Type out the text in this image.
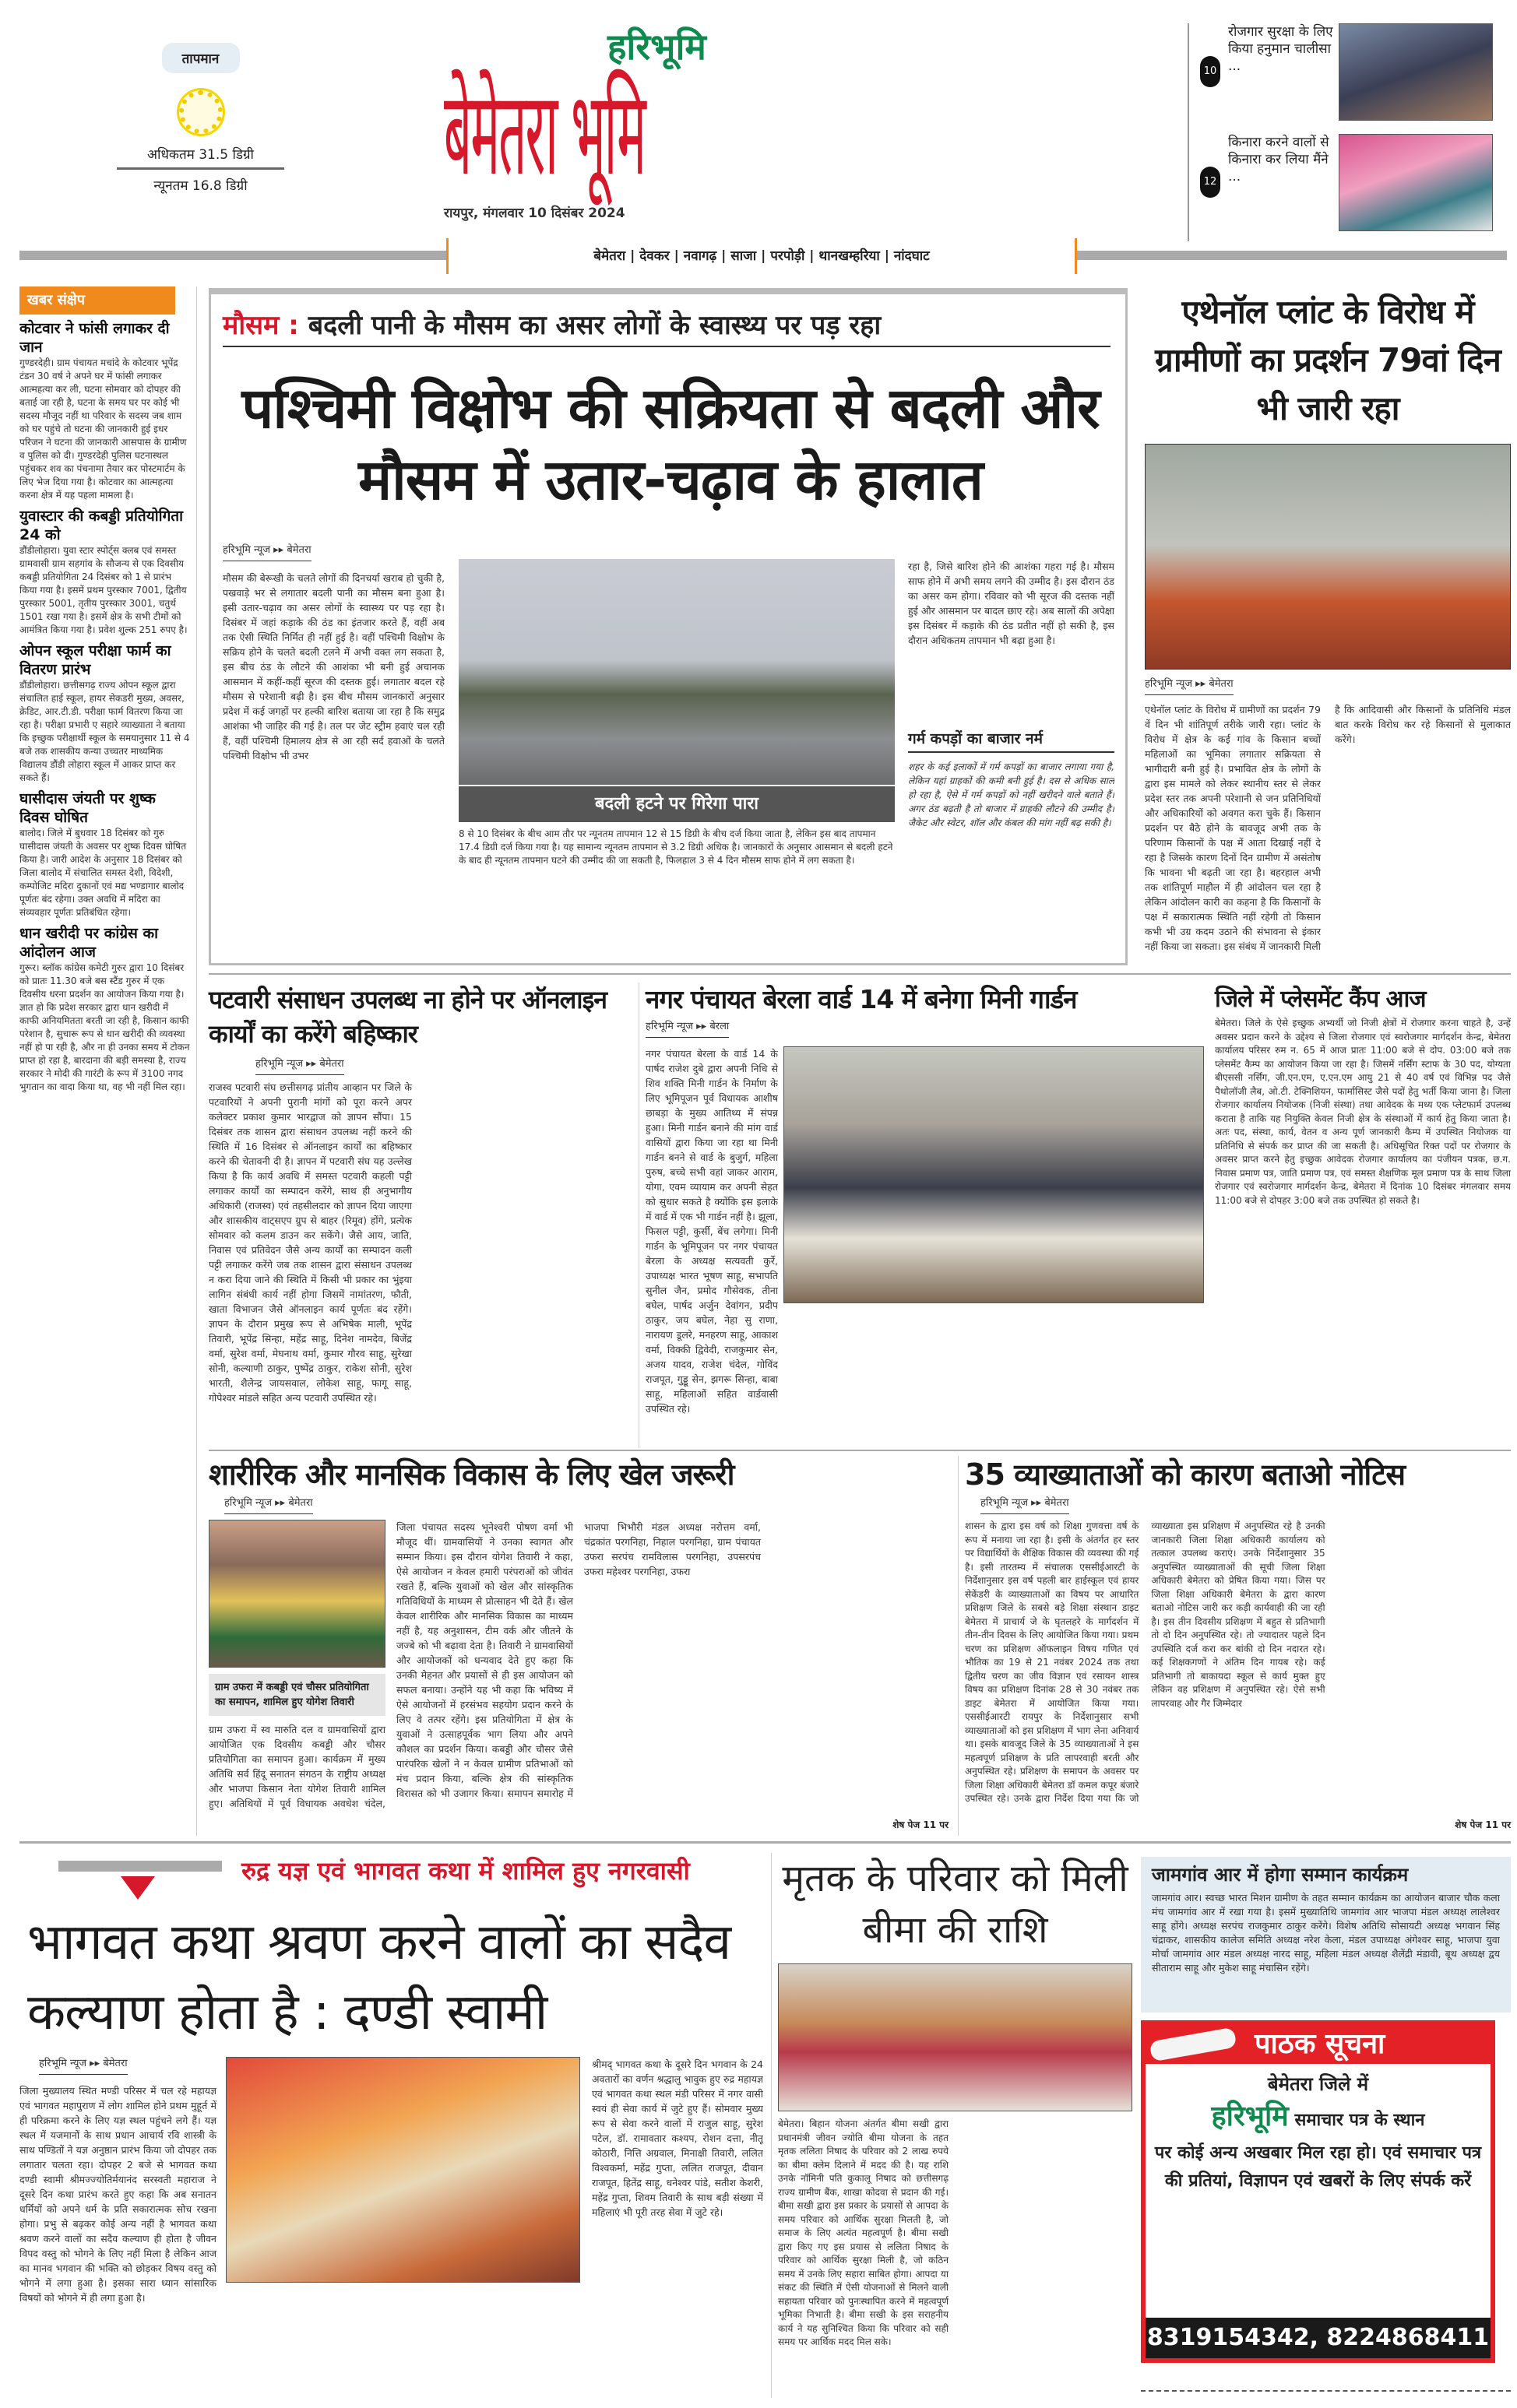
तापमान
अधिकतम 31.5 डिग्री
न्यूनतम 16.8 डिग्री
हरिभूमि
बेमेतरा भूमि
रायपुर, मंगलवार 10 दिसंबर 2024
10
रोजगार सुरक्षा के लिए किया हनुमान चालीसा ...
12
किनारा करने वालों से किनारा कर लिया मैंने ...
बेमेतरा | देवकर | नवागढ़ | साजा | परपोड़ी | थानखम्हरिया | नांदघाट
खबर संक्षेप
कोटवार ने फांसी लगाकर दी जान
गुण्डरदेही। ग्राम पंचायत मचांदे के कोटवार भूपेंद्र टंडन 30 वर्ष ने अपने घर में फांसी लगाकर आत्महत्या कर ली, घटना सोमवार को दोपहर की बताई जा रही है, घटना के समय घर पर कोई भी सदस्य मौजूद नहीं था परिवार के सदस्य जब शाम को घर पहुंचे तो घटना की जानकारी हुई इधर परिजन ने घटना की जानकारी आसपास के ग्रामीण व पुलिस को दी। गुण्डरदेही पुलिस घटनास्थल पहुंचकर शव का पंचनामा तैयार कर पोस्टमार्टम के लिए भेज दिया गया है। कोटवार का आत्महत्या करना क्षेत्र में यह पहला मामला है।
युवास्टार की कबड्डी प्रतियोगिता 24 को
डौंडीलोहारा। युवा स्टार स्पोर्ट्स क्लब एवं समस्त ग्रामवासी ग्राम सहगांव के सौजन्य से एक दिवसीय कबड्डी प्रतियोगिता 24 दिसंबर को 1 से प्रारंभ किया गया है। इसमें प्रथम पुरस्कार 7001, द्वितीय पुरस्कार 5001, तृतीय पुरस्कार 3001, चतुर्थ 1501 रखा गया है। इसमें क्षेत्र के सभी टीमों को आमंत्रित किया गया है। प्रवेश शुल्क 251 रुपए है।
ओपन स्कूल परीक्षा फार्म का वितरण प्रारंभ
डौंडीलोहारा। छत्तीसगढ़ राज्य ओपन स्कूल द्वारा संचालित हाई स्कूल, हायर सेकडरी मुख्य, अवसर, क्रेडिट, आर.टी.डी. परीक्षा फार्म वितरण किया जा रहा है। परीक्षा प्रभारी ए सहारे व्याख्याता ने बताया कि इच्छुक परीक्षार्थी स्कूल के समयानुसार 11 से 4 बजे तक शासकीय कन्या उच्चतर माध्यमिक विद्यालय डौंडी लोहारा स्कूल में आकर प्राप्त कर सकते हैं।
घासीदास जंयती पर शुष्क दिवस घोषित
बालोद। जिले में बुधवार 18 दिसंबर को गुरु घासीदास जंयती के अवसर पर शुष्क दिवस घोषित किया है। जारी आदेश के अनुसार 18 दिसंबर को जिला बालोद में संचालित समस्त देशी, विदेशी, कम्पोजिट मदिरा दुकानों एवं मद्य भण्डागार बालोद पूर्णतः बंद रहेगा। उक्त अवधि में मदिरा का संव्यवहार पूर्णतः प्रतिबंधित रहेगा।
धान खरीदी पर कांग्रेस का आंदोलन आज
गुरूर। ब्लॉक कांग्रेस कमेटी गुरुर द्वारा 10 दिसंबर को प्रातः 11.30 बजे बस स्टैंड गुरुर में एक दिवसीय धरना प्रदर्शन का आयोजन किया गया है। ज्ञात हो कि प्रदेश सरकार द्वारा धान खरीदी में काफी अनियमितता बरती जा रही है, किसान काफी परेशान है, सुचारू रूप से धान खरीदी की व्यवस्था नहीं हो पा रही है, और ना ही उनका समय में टोकन प्राप्त हो रहा है, बारदाना की बड़ी समस्या है, राज्य सरकार ने मोदी की गारंटी के रूप में 3100 नगद भुगतान का वादा किया था, वह भी नहीं मिल रहा।
मौसम : बदली पानी के मौसम का असर लोगों के स्वास्थ्य पर पड़ रहा
पश्चिमी विक्षोभ की सक्रियता से बदली और मौसम में उतार-चढ़ाव के हालात
हरिभूमि न्यूज ▸▸ बेमेतरा
मौसम की बेरूखी के चलते लोगों की दिनचर्या खराब हो चुकी है, पखवाड़े भर से लगातार बदली पानी का मौसम बना हुआ है। इसी उतार-चढ़ाव का असर लोगों के स्वास्थ्य पर पड़ रहा है। दिसंबर में जहां कड़ाके की ठंड का इंतजार करते हैं, वहीं अब तक ऐसी स्थिति निर्मित ही नहीं हुई है। वहीं पश्चिमी विक्षोभ के सक्रिय होने के चलते बदली टलने में अभी वक्त लग सकता है, इस बीच ठंड के लौटने की आशंका भी बनी हुई अचानक आसमान में कहीं-कहीं सूरज की दस्तक हुई। लगातार बदल रहे मौसम से परेशानी बढ़ी है। इस बीच मौसम जानकारों अनुसार प्रदेश में कई जगहों पर हल्की बारिश बताया जा रहा है कि समुद्र आशंका भी जाहिर की गई है। तल पर जेट स्ट्रीम हवाएं चल रही हैं, वहीं पश्चिमी हिमालय क्षेत्र से आ रही सर्द हवाओं के चलते पश्चिमी विक्षोभ भी उभर
बदली हटने पर गिरेगा पारा
8 से 10 दिसंबर के बीच आम तौर पर न्यूनतम तापमान 12 से 15 डिग्री के बीच दर्ज किया जाता है, लेकिन इस बाद तापमान 17.4 डिग्री दर्ज किया गया है। यह सामान्य न्यूनतम तापमान से 3.2 डिग्री अधिक है। जानकारों के अनुसार आसमान से बदली हटने के बाद ही न्यूनतम तापमान घटने की उम्मीद की जा सकती है, फिलहाल 3 से 4 दिन मौसम साफ होने में लग सकता है।
रहा है, जिसे बारिश होने की आशंका गहरा गई है। मौसम साफ होने में अभी समय लगने की उम्मीद है। इस दौरान ठंड का असर कम होगा। रविवार को भी सूरज की दस्तक नहीं हुई और आसमान पर बादल छाए रहे। अब सालों की अपेक्षा इस दिसंबर में कड़ाके की ठंड प्रतीत नहीं हो सकी है, इस दौरान अधिकतम तापमान भी बढ़ा हुआ है।
गर्म कपड़ों का बाजार नर्म
शहर के कई इलाकों में गर्म कपड़ों का बाजार लगाया गया है, लेकिन यहां ग्राहकों की कमी बनी हुई है। दस से अधिक साल हो रहा है, ऐसे में गर्म कपड़ों को नहीं खरीदने वाले बताते हैं। अगर ठंड बढ़ती है तो बाजार में ग्राहकी लौटने की उम्मीद है। जैकेट और स्वेटर, शॉल और कंबल की मांग नहीं बढ़ सकी है।
एथेनॉल प्लांट के विरोध में ग्रामीणों का प्रदर्शन 79वां दिन भी जारी रहा
हरिभूमि न्यूज ▸▸ बेमेतरा
एथेनॉल प्लांट के विरोध में ग्रामीणों का प्रदर्शन 79 वें दिन भी शांतिपूर्ण तरीके जारी रहा। प्लांट के विरोध में क्षेत्र के कई गांव के किसान बच्चों महिलाओं का भूमिका लगातार सक्रियता से भागीदारी बनी हुई है। प्रभावित क्षेत्र के लोगों के द्वारा इस मामले को लेकर स्थानीय स्तर से लेकर प्रदेश स्तर तक अपनी परेशानी से जन प्रतिनिधियों और अधिकारियों को अवगत करा चुके हैं। किसान प्रदर्शन पर बैठे होने के बावजूद अभी तक के परिणाम किसानों के पक्ष में आता दिखाई नहीं दे रहा है जिसके कारण दिनों दिन ग्रामीण में असंतोष कि भावना भी बढ़ती जा रहा है। बहरहाल अभी तक शांतिपूर्ण माहौल में ही आंदोलन चल रहा है लेकिन आंदोलन कारी का कहना है कि किसानों के पक्ष में सकारात्मक स्थिति नहीं रहेगी तो किसान कभी भी उग्र कदम उठाने की संभावना से इंकार नहीं किया जा सकता। इस संबंध में जानकारी मिली है कि आदिवासी और किसानों के प्रतिनिधि मंडल बात करके विरोध कर रहे किसानों से मुलाकात करेंगे।
पटवारी संसाधन उपलब्ध ना होने पर ऑनलाइन कार्यों का करेंगे बहिष्कार
हरिभूमि न्यूज ▸▸ बेमेतरा
राजस्व पटवारी संघ छत्तीसगढ़ प्रांतीय आव्हान पर जिले के पटवारियों ने अपनी पुरानी मांगों को पूरा करने अपर कलेक्टर प्रकाश कुमार भारद्वाज को ज्ञापन सौंपा। 15 दिसंबर तक शासन द्वारा संसाधन उपलब्ध नहीं करने की स्थिति में 16 दिसंबर से ऑनलाइन कार्यों का बहिष्कार करने की चेतावनी दी है। ज्ञापन में पटवारी संघ यह उल्लेख किया है कि कार्य अवधि में समस्त पटवारी कहली पट्टी लगाकर कार्यों का सम्पादन करेंगे, साथ ही अनुभागीय अधिकारी (राजस्व) एवं तहसीलदार को ज्ञापन दिया जाएगा और शासकीय वाट्सएप ग्रुप से बाहर (रिमूव) होंगे, प्रत्येक सोमवार को कलम डाउन कर सकेंगे। जैसे आय, जाति, निवास एवं प्रतिवेदन जैसे अन्य कार्यों का सम्पादन कली पट्टी लगाकर करेंगे जब तक शासन द्वारा संसाधन उपलब्ध न करा दिया जाने की स्थिति में किसी भी प्रकार का भुंइया लागिन संबंधी कार्य नहीं होगा जिसमें नामांतरण, फौती, खाता विभाजन जैसे ऑनलाइन कार्य पूर्णतः बंद रहेंगे। ज्ञापन के दौरान प्रमुख रूप से अभिषेक माली, भूपेंद्र तिवारी, भूपेंद्र सिन्हा, महेंद्र साहू, दिनेश नामदेव, बिजेंद्र वर्मा, सुरेश वर्मा, मेघनाथ वर्मा, कुमार गौरव साहू, सुरेखा सोनी, कल्याणी ठाकुर, पुष्पेंद्र ठाकुर, राकेश सोनी, सुरेश भारती, शैलेन्द्र जायसवाल, लोकेश साहू, फागू साहू, गोपेश्वर मांडले सहित अन्य पटवारी उपस्थित रहे।
नगर पंचायत बेरला वार्ड 14 में बनेगा मिनी गार्डन
हरिभूमि न्यूज ▸▸ बेरला
नगर पंचायत बेरला के वार्ड 14 के पार्षद राजेश दुबे द्वारा अपनी निधि से शिव शक्ति मिनी गार्डन के निर्माण के लिए भूमिपूजन पूर्व विधायक आशीष छाबड़ा के मुख्य आतिथ्य में संपन्न हुआ। मिनी गार्डन बनाने की मांग वार्ड वासियों द्वारा किया जा रहा था मिनी गार्डन बनने से वार्ड के बुजुर्ग, महिला पुरुष, बच्चे सभी वहां जाकर आराम, योगा, एवम व्यायाम कर अपनी सेहत को सुधार सकते है क्योंकि इस इलाके में वार्ड में एक भी गार्डन नहीं है। झूला, फिसल पट्टी, कुर्सी, बेंच लगेगा। मिनी गार्डन के भूमिपूजन पर नगर पंचायत बेरला के अध्यक्ष सत्यवती कुर्रे, उपाध्यक्ष भारत भूषण साहू, सभापति सुनील जैन, प्रमोद गौसेवक, तीना बघेल, पार्षद अर्जुन देवांगन, प्रदीप ठाकुर, जय बघेल, नेहा सु राणा, नारायण डूलरे, मनहरण साहू, आकाश वर्मा, विक्की द्विवेदी, राजकुमार सेन, अजय यादव, राजेश चंदेल, गोविंद राजपूत, गुड्डू सेन, झगरू सिन्हा, बाबा साहू, महिलाओं सहित वार्डवासी उपस्थित रहे।
जिले में प्लेसमेंट कैंप आज
बेमेतरा। जिले के ऐसे इच्छुक अभ्यर्थी जो निजी क्षेत्रों में रोजगार करना चाहते है, उन्हें अवसर प्रदान करने के उद्देश्य से जिला रोजगार एवं स्वरोजगार मार्गदर्शन केन्द्र, बेमेतरा कार्यालय परिसर रुम न. 65 में आज प्रातः 11:00 बजे से दोप. 03:00 बजे तक प्लेसमेंट कैम्प का आयोजन किया जा रहा है। जिसमें नर्सिंग स्टाफ के 30 पद, योग्यता बीएससी नर्सिंग, जी.एन.एम, ए.एन.एम आयु 21 से 40 वर्ष एवं विभिन्न पद जैसे पैथोलॉजी लैब, ओ.टी. टेक्निशियन, फार्मासिस्ट जैसे पदों हेतु भर्ती किया जाना है। जिला रोजगार कार्यालय नियोजक (निजी संस्था) तथा आवेदक के मध्य एक प्लेटफार्म उपलब्ध कराता है ताकि यह नियुक्ति केवल निजी क्षेत्र के संस्थाओं में कार्य हेतु किया जाता है। अतः पद, संस्था, कार्य, वेतन व अन्य पूर्ण जानकारी कैम्प में उपस्थित नियोजक या प्रतिनिधि से संपर्क कर प्राप्त की जा सकती है। अधिसूचित रिक्त पदों पर रोजगार के अवसर प्राप्त करने हेतु इच्छुक आवेदक रोजगार कार्यालय का पंजीयन पत्रक, छ.ग. निवास प्रमाण पत्र, जाति प्रमाण पत्र, एवं समस्त शैक्षणिक मूल प्रमाण पत्र के साथ जिला रोजगार एवं स्वरोजगार मार्गदर्शन केन्द्र, बेमेतरा में दिनांक 10 दिसंबर मंगलवार समय 11:00 बजे से दोपहर 3:00 बजे तक उपस्थित हो सकते है।
शारीरिक और मानसिक विकास के लिए खेल जरूरी
हरिभूमि न्यूज ▸▸ बेमेतरा
ग्राम उफरा में कबड्डी एवं चौसर प्रतियोगिता का समापन, शामिल हुए योगेश तिवारी
ग्राम उफरा में स्व मारुति दल व ग्रामवासियों द्वारा आयोजित एक दिवसीय कबड्डी और चौसर प्रतियोगिता का समापन हुआ। कार्यक्रम में मुख्य अतिथि सर्व हिंदू सनातन संगठन के राष्ट्रीय अध्यक्ष और भाजपा किसान नेता योगेश तिवारी शामिल हुए। अतिथियों में पूर्व विधायक अवधेश चंदेल, जिला पंचायत सदस्य भूनेश्वरी पोषण वर्मा भी मौजूद थीं। ग्रामवासियों ने उनका स्वागत और सम्मान किया। इस दौरान योगेश तिवारी ने कहा, ऐसे आयोजन न केवल हमारी परंपराओं को जीवंत रखते हैं, बल्कि युवाओं को खेल और सांस्कृतिक गतिविधियों के माध्यम से प्रोत्साहन भी देते हैं। खेल केवल शारीरिक और मानसिक विकास का माध्यम नहीं है, यह अनुशासन, टीम वर्क और जीतने के जज्बे को भी बढ़ावा देता है। तिवारी ने ग्रामवासियों और आयोजकों को धन्यवाद देते हुए कहा कि उनकी मेहनत और प्रयासों से ही इस आयोजन को सफल बनाया। उन्होंने यह भी कहा कि भविष्य में ऐसे आयोजनों में हरसंभव सहयोग प्रदान करने के लिए वे तत्पर रहेंगे। इस प्रतियोगिता में क्षेत्र के युवाओं ने उत्साहपूर्वक भाग लिया और अपने कौशल का प्रदर्शन किया। कबड्डी और चौसर जैसे पारंपरिक खेलों ने न केवल ग्रामीण प्रतिभाओं को मंच प्रदान किया, बल्कि क्षेत्र की सांस्कृतिक विरासत को भी उजागर किया। समापन समारोह में भाजपा भिभौरी मंडल अध्यक्ष नरोत्तम वर्मा, चंद्रकांत परगनिहा, निहाल परगनिहा, ग्राम पंचायत उफरा सरपंच रामविलास परगनिहा, उपसरपंच उफरा महेश्वर परगनिहा, उफरा
शेष पेज 11 पर
35 व्याख्याताओं को कारण बताओ नोटिस
हरिभूमि न्यूज ▸▸ बेमेतरा
शासन के द्वारा इस वर्ष को शिक्षा गुणवत्ता वर्ष के रूप में मनाया जा रहा है। इसी के अंतर्गत हर स्तर पर विद्यार्थियों के शैक्षिक विकास की व्यवस्था की गई है। इसी तारतम्य में संचालक एससीईआरटी के निर्देशानुसार इस वर्ष पहली बार हाईस्कूल एवं हायर सेकेंडरी के व्याख्याताओं का विषय पर आधारित प्रशिक्षण जिले के सबसे बड़े शिक्षा संस्थान डाइट बेमेतरा में प्राचार्य जे के घृतलहरे के मार्गदर्शन में तीन-तीन दिवस के लिए आयोजित किया गया। प्रथम चरण का प्रशिक्षण ऑफलाइन विषय गणित एवं भौतिक का 19 से 21 नवंबर 2024 तक तथा द्वितीय चरण का जीव विज्ञान एवं रसायन शास्त्र विषय का प्रशिक्षण दिनांक 28 से 30 नवंबर तक डाइट बेमेतरा में आयोजित किया गया। एससीईआरटी रायपुर के निर्देशानुसार सभी व्याख्याताओं को इस प्रशिक्षण में भाग लेना अनिवार्य था। इसके बावजूद जिले के 35 व्याख्याताओं ने इस महत्वपूर्ण प्रशिक्षण के प्रति लापरवाही बरती और अनुपस्थित रहे। प्रशिक्षण के समापन के अवसर पर जिला शिक्षा अधिकारी बेमेतरा डॉ कमल कपूर बंजारे उपस्थित रहे। उनके द्वारा निर्देश दिया गया कि जो व्याख्याता इस प्रशिक्षण में अनुपस्थित रहे है उनकी जानकारी जिला शिक्षा अधिकारी कार्यालय को तत्काल उपलब्ध कराएं। उनके निर्देशानुसार 35 अनुपस्थित व्याख्याताओं की सूची जिला शिक्षा अधिकारी बेमेतरा को प्रेषित किया गया। जिस पर जिला शिक्षा अधिकारी बेमेतरा के द्वारा कारण बताओ नोटिस जारी कर कड़ी कार्यवाही की जा रही है। इस तीन दिवसीय प्रशिक्षण में बहुत से प्रतिभागी तो दो दिन अनुपस्थित रहे। तो ज्यादातर पहले दिन उपस्थिति दर्ज करा कर बांकी दो दिन नदारत रहे। कई शिक्षकगणों ने अंतिम दिन गायब रहे। कई प्रतिभागी तो बाकायदा स्कूल से कार्य मुक्त हुए लेकिन वह प्रशिक्षण में अनुपस्थित रहे। ऐसे सभी लापरवाह और गैर जिम्मेदार
शेष पेज 11 पर
रुद्र यज्ञ एवं भागवत कथा में शामिल हुए नगरवासी
भागवत कथा श्रवण करने वालों का सदैव कल्याण होता है : दण्डी स्वामी
हरिभूमि न्यूज ▸▸ बेमेतरा
जिला मुख्यालय स्थित मण्डी परिसर में चल रहे महायज्ञ एवं भागवत महापुराण में लोग शामिल होने प्रथम मुहूर्त में ही परिक्रमा करने के लिए यज्ञ स्थल पहुंचने लगे हैं। यज्ञ स्थल में यजमानों के साथ प्रधान आचार्य रवि शास्त्री के साथ पण्डितों ने यज्ञ अनुष्ठान प्रारंभ किया जो दोपहर तक लगातार चलता रहा। दोपहर 2 बजे से भागवत कथा दण्डी स्वामी श्रीमज्ज्योतिर्मयानंद सरस्वती महाराज ने दूसरे दिन कथा प्रारंभ करते हुए कहा कि अब सनातन धर्मियों को अपने धर्म के प्रति सकारात्मक सोच रखना होगा। प्रभु से बढ़कर कोई अन्य नहीं है भागवत कथा श्रवण करने वालों का सदैव कल्याण ही होता है जीवन विपद वस्तु को भोगने के लिए नहीं मिला है लेकिन आज का मानव भगवान की भक्ति को छोड़कर विषय वस्तु को भोगने में लगा हुआ है। इसका सारा ध्यान सांसारिक विषयों को भोगने में ही लगा हुआ है।
श्रीमद् भागवत कथा के दूसरे दिन भगवान के 24 अवतारों का वर्णन श्रद्धालु भावुक हुए रुद्र महायज्ञ एवं भागवत कथा स्थल मंडी परिसर में नगर वासी स्वयं ही सेवा कार्य में जुटे हुए हैं। सोमवार मुख्य रूप से सेवा करने वालों में राजुल साहू, सुरेश पटेल, डॉ. रामावतार कश्यप, रोशन दत्ता, नीतू कोठारी, नित्ति अग्रवाल, मिनाक्षी तिवारी, ललित विश्वकर्मा, महेंद्र गुप्ता, ललित राजपूत, दीवान राजपूत, हितेंद्र साहू, धनेश्वर पांडे, सतीश केशरी, महेंद्र गुप्ता, शिवम तिवारी के साथ बड़ी संख्या में महिलाएं भी पूरी तरह सेवा में जुटे रहे।
मृतक के परिवार को मिली बीमा की राशि
बेमेतरा। बिहान योजना अंतर्गत बीमा सखी द्वारा प्रधानमंत्री जीवन ज्योति बीमा योजना के तहत मृतक ललिता निषाद के परिवार को 2 लाख रुपये का बीमा क्लेम दिलाने में मदद की है। यह राशि उनके नॉमिनी पति कुकालू निषाद को छत्तीसगढ़ राज्य ग्रामीण बैंक, शाखा कोदवा से प्रदान की गई। बीमा सखी द्वारा इस प्रकार के प्रयासों से आपदा के समय परिवार को आर्थिक सुरक्षा मिलती है, जो समाज के लिए अत्यंत महत्वपूर्ण है। बीमा सखी द्वारा किए गए इस प्रयास से ललिता निषाद के परिवार को आर्थिक सुरक्षा मिली है, जो कठिन समय में उनके लिए सहारा साबित होगा। आपदा या संकट की स्थिति में ऐसी योजनाओं से मिलने वाली सहायता परिवार को पुनःस्थापित करने में महत्वपूर्ण भूमिका निभाती है। बीमा सखी के इस सराहनीय कार्य ने यह सुनिश्चित किया कि परिवार को सही समय पर आर्थिक मदद मिल सके।
जामगांव आर में होगा सम्मान कार्यक्रम
जामगांव आर। स्वच्छ भारत मिशन ग्रामीण के तहत सम्मान कार्यक्रम का आयोजन बाजार चौक कला मंच जामगांव आर में रखा गया है। इसमें मुख्यातिथि जामगांव आर भाजपा मंडल अध्यक्ष लालेश्वर साहू होंगे। अध्यक्ष सरपंच राजकुमार ठाकुर करेंगे। विशेष अतिथि सोसायटी अध्यक्ष भगवान सिंह चंद्राकर, शासकीय कालेज समिति अध्यक्ष नरेश केला, मंडल उपाध्यक्ष अंगेश्वर साहू, भाजपा युवा मोर्चा जामगांव आर मंडल अध्यक्ष नारद साहू, महिला मंडल अध्यक्ष शैलेंद्री मंडावी, बूथ अध्यक्ष द्वय सीताराम साहू और मुकेश साहू मंचासिन रहेंगे।
पाठक सूचना
बेमेतरा जिले में
हरिभूमि समाचार पत्र के स्थान
पर कोई अन्य अखबार मिल रहा हो। एवं समाचार पत्र की प्रतियां, विज्ञापन एवं खबरों के लिए संपर्क करें
8319154342, 8224868411
